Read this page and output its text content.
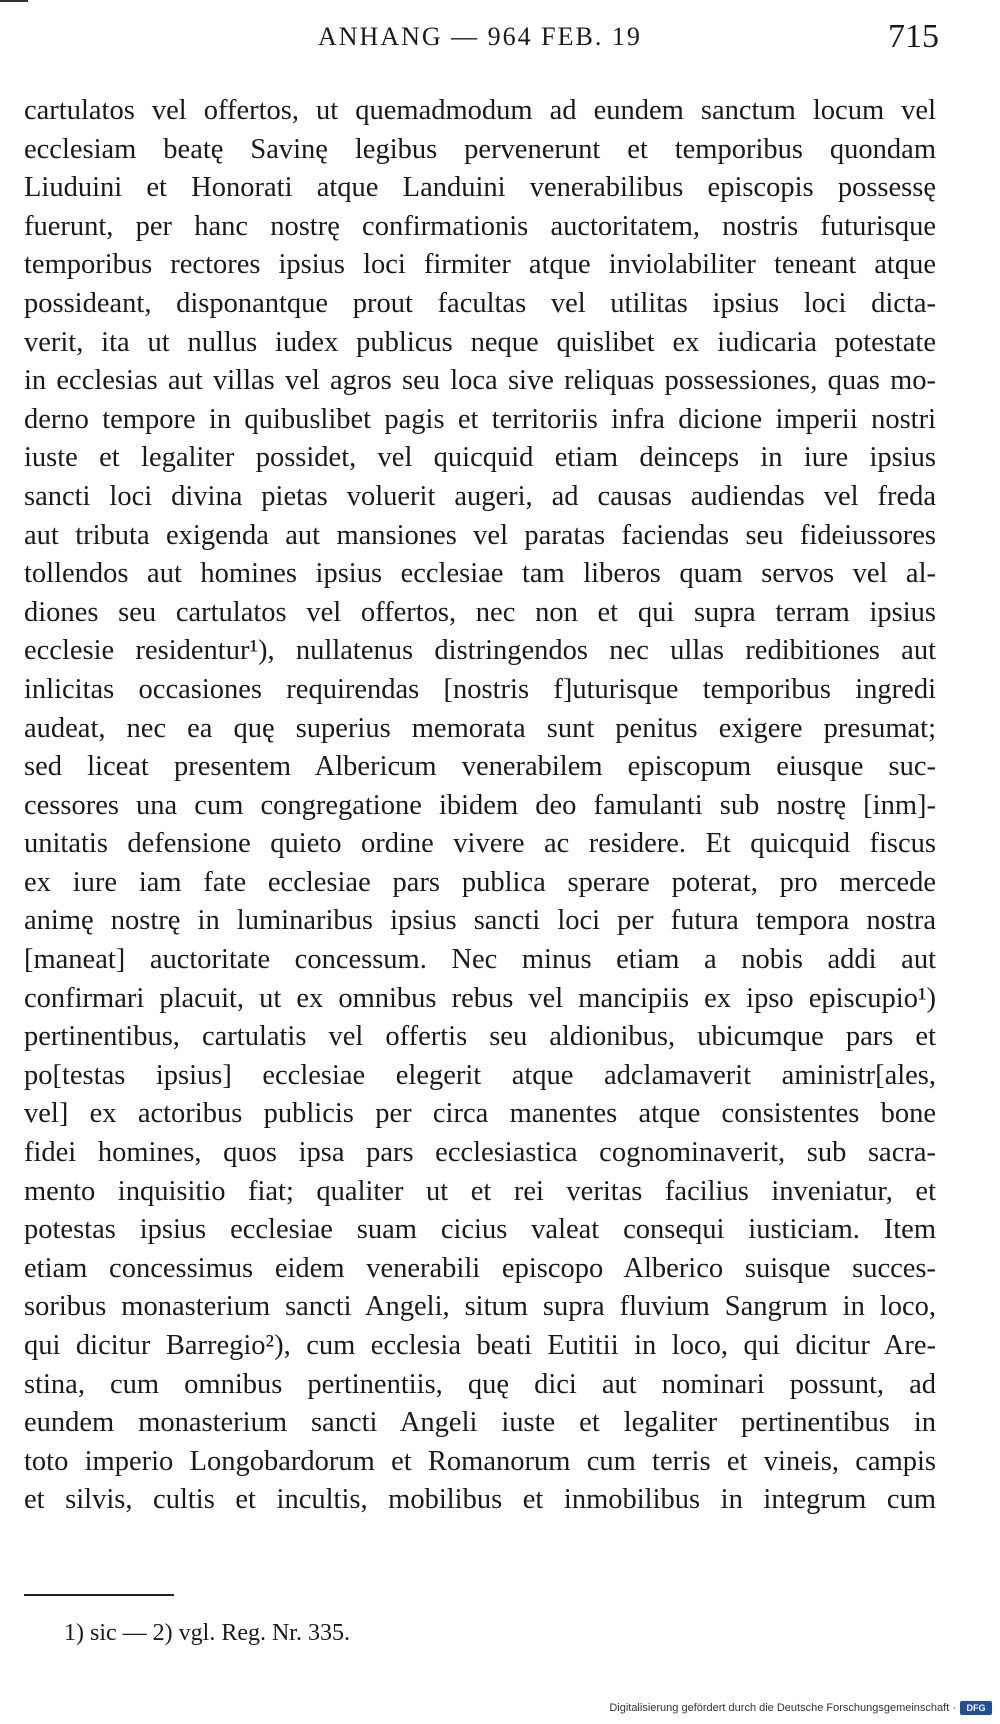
ANHANG — 964 FEB. 19	715
cartulatos vel offertos, ut quemadmodum ad eundem sanctum locum vel
ecclesiam beatę Savinę legibus pervenerunt et temporibus quondam
Liuduini et Honorati atque Landuini venerabilibus episcopis possessę
fuerunt, per hanc nostrę confirmationis auctoritatem, nostris futurisque
temporibus rectores ipsius loci firmiter atque inviolabiliter teneant atque
possideant, disponantque prout facultas vel utilitas ipsius loci dicta-
verit, ita ut nullus iudex publicus neque quislibet ex iudicaria potestate
in ecclesias aut villas vel agros seu loca sive reliquas possessiones, quas mo-
derno tempore in quibuslibet pagis et territoriis infra dicione imperii nostri
iuste et legaliter possidet, vel quicquid etiam deinceps in iure ipsius
sancti loci divina pietas voluerit augeri, ad causas audiendas vel freda
aut tributa exigenda aut mansiones vel paratas faciendas seu fideiussores
tollendos aut homines ipsius ecclesiae tam liberos quam servos vel al-
diones seu cartulatos vel offertos, nec non et qui supra terram ipsius
ecclesie residentur¹), nullatenus distringendos nec ullas redibitiones aut
inlicitas occasiones requirendas [nostris f]uturisque temporibus ingredi
audeat, nec ea quę superius memorata sunt penitus exigere presumat;
sed liceat presentem Albericum venerabilem episcopum eiusque suc-
cessores una cum congregatione ibidem deo famulanti sub nostrę [inm]-
unitatis defensione quieto ordine vivere ac residere. Et quicquid fiscus
ex iure iam fate ecclesiae pars publica sperare poterat, pro mercede
animę nostrę in luminaribus ipsius sancti loci per futura tempora nostra
[maneat] auctoritate concessum. Nec minus etiam a nobis addi aut
confirmari placuit, ut ex omnibus rebus vel mancipiis ex ipso episcupio¹)
pertinentibus, cartulatis vel offertis seu aldionibus, ubicumque pars et
po[testas ipsius] ecclesiae elegerit atque adclamaverit aministr[ales,
vel] ex actoribus publicis per circa manentes atque consistentes bone
fidei homines, quos ipsa pars ecclesiastica cognominaverit, sub sacra-
mento inquisitio fiat; qualiter ut et rei veritas facilius inveniatur, et
potestas ipsius ecclesiae suam cicius valeat consequi iusticiam. Item
etiam concessimus eidem venerabili episcopo Alberico suisque succes-
soribus monasterium sancti Angeli, situm supra fluvium Sangrum in loco,
qui dicitur Barregio²), cum ecclesia beati Eutitii in loco, qui dicitur Are-
stina, cum omnibus pertinentiis, quę dici aut nominari possunt, ad
eundem monasterium sancti Angeli iuste et legaliter pertinentibus in
toto imperio Longobardorum et Romanorum cum terris et vineis, campis
et silvis, cultis et incultis, mobilibus et inmobilibus in integrum cum
1) sic — 2) vgl. Reg. Nr. 335.
Digitalisierung gefördert durch die Deutsche Forschungsgemeinschaft ·	DFG
